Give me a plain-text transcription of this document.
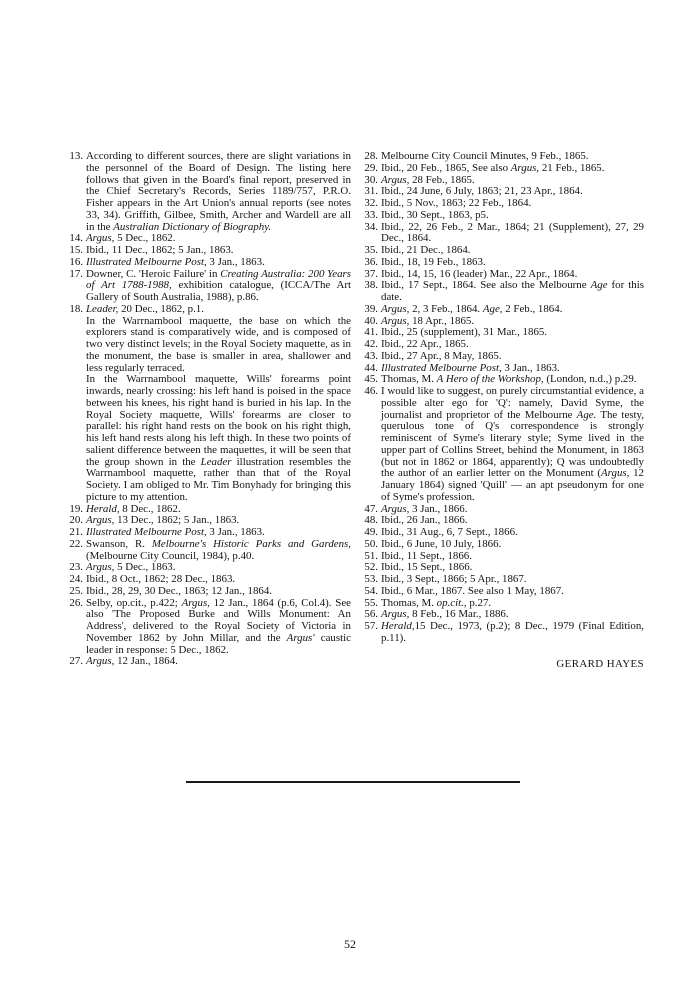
13. According to different sources, there are slight variations in the personnel of the Board of Design. The listing here follows that given in the Board's final report, preserved in the Chief Secretary's Records, Series 1189/757, P.R.O. Fisher appears in the Art Union's annual reports (see notes 33, 34). Griffith, Gilbee, Smith, Archer and Wardell are all in the Australian Dictionary of Biography.

14. Argus, 5 Dec., 1862.

15. Ibid., 11 Dec., 1862; 5 Jan., 1863.

16. Illustrated Melbourne Post, 3 Jan., 1863.

17. Downer, C. 'Heroic Failure' in Creating Australia: 200 Years of Art 1788-1988, exhibition catalogue, (ICCA/The Art Gallery of South Australia, 1988), p.86.

18. Leader, 20 Dec., 1862, p.1.

In the Warrnambool maquette, the base on which the explorers stand is comparatively wide, and is composed of two very distinct levels; in the Royal Society maquette, as in the monument, the base is smaller in area, shallower and less regularly terraced.

In the Warrnambool maquette, Wills' forearms point inwards, nearly crossing: his left hand is poised in the space between his knees, his right hand is buried in his lap. In the Royal Society maquette, Wills' forearms are closer to parallel: his right hand rests on the book on his right thigh, his left hand rests along his left thigh. In these two points of salient difference between the maquettes, it will be seen that the group shown in the Leader illustration resembles the Warrnambool maquette, rather than that of the Royal Society. I am obliged to Mr. Tim Bonyhady for bringing this picture to my attention.

19. Herald, 8 Dec., 1862.

20. Argus, 13 Dec., 1862; 5 Jan., 1863.

21. Illustrated Melbourne Post, 3 Jan., 1863.

22. Swanson, R. Melbourne's Historic Parks and Gardens, (Melbourne City Council, 1984), p.40.

23. Argus, 5 Dec., 1863.

24. Ibid., 8 Oct., 1862; 28 Dec., 1863.

25. Ibid., 28, 29, 30 Dec., 1863; 12 Jan., 1864.

26. Selby, op.cit., p.422; Argus, 12 Jan., 1864 (p.6, Col.4). See also 'The Proposed Burke and Wills Monument: An Address', delivered to the Royal Society of Victoria in November 1862 by John Millar, and the Argus' caustic leader in response: 5 Dec., 1862.

27. Argus, 12 Jan., 1864.

28. Melbourne City Council Minutes, 9 Feb., 1865.

29. Ibid., 20 Feb., 1865, See also Argus, 21 Feb., 1865.

30. Argus, 28 Feb., 1865.

31. Ibid., 24 June, 6 July, 1863; 21, 23 Apr., 1864.

32. Ibid., 5 Nov., 1863; 22 Feb., 1864.

33. Ibid., 30 Sept., 1863, p5.

34. Ibid., 22, 26 Feb., 2 Mar., 1864; 21 (Supplement), 27, 29 Dec., 1864.

35. Ibid., 21 Dec., 1864.

36. Ibid., 18, 19 Feb., 1863.

37. Ibid., 14, 15, 16 (leader) Mar., 22 Apr., 1864.

38. Ibid., 17 Sept., 1864. See also the Melbourne Age for this date.

39. Argus, 2, 3 Feb., 1864. Age, 2 Feb., 1864.

40. Argus, 18 Apr., 1865.

41. Ibid., 25 (supplement), 31 Mar., 1865.

42. Ibid., 22 Apr., 1865.

43. Ibid., 27 Apr., 8 May, 1865.

44. Illustrated Melbourne Post, 3 Jan., 1863.

45. Thomas, M. A Hero of the Workshop, (London, n.d.,) p.29.

46. I would like to suggest, on purely circumstantial evidence, a possible alter ego for 'Q': namely, David Syme, the journalist and proprietor of the Melbourne Age. The testy, querulous tone of Q's correspondence is strongly reminiscent of Syme's literary style; Syme lived in the upper part of Collins Street, behind the Monument, in 1863 (but not in 1862 or 1864, apparently); Q was undoubtedly the author of an earlier letter on the Monument (Argus, 12 January 1864) signed 'Quill' — an apt pseudonym for one of Syme's profession.

47. Argus, 3 Jan., 1866.

48. Ibid., 26 Jan., 1866.

49. Ibid., 31 Aug., 6, 7 Sept., 1866.

50. Ibid., 6 June, 10 July, 1866.

51. Ibid., 11 Sept., 1866.

52. Ibid., 15 Sept., 1866.

53. Ibid., 3 Sept., 1866; 5 Apr., 1867.

54. Ibid., 6 Mar., 1867. See also 1 May, 1867.

55. Thomas, M. op.cit., p.27.

56. Argus, 8 Feb., 16 Mar., 1886.

57. Herald,15 Dec., 1973, (p.2); 8 Dec., 1979 (Final Edition, p.11).

GERARD HAYES
52
